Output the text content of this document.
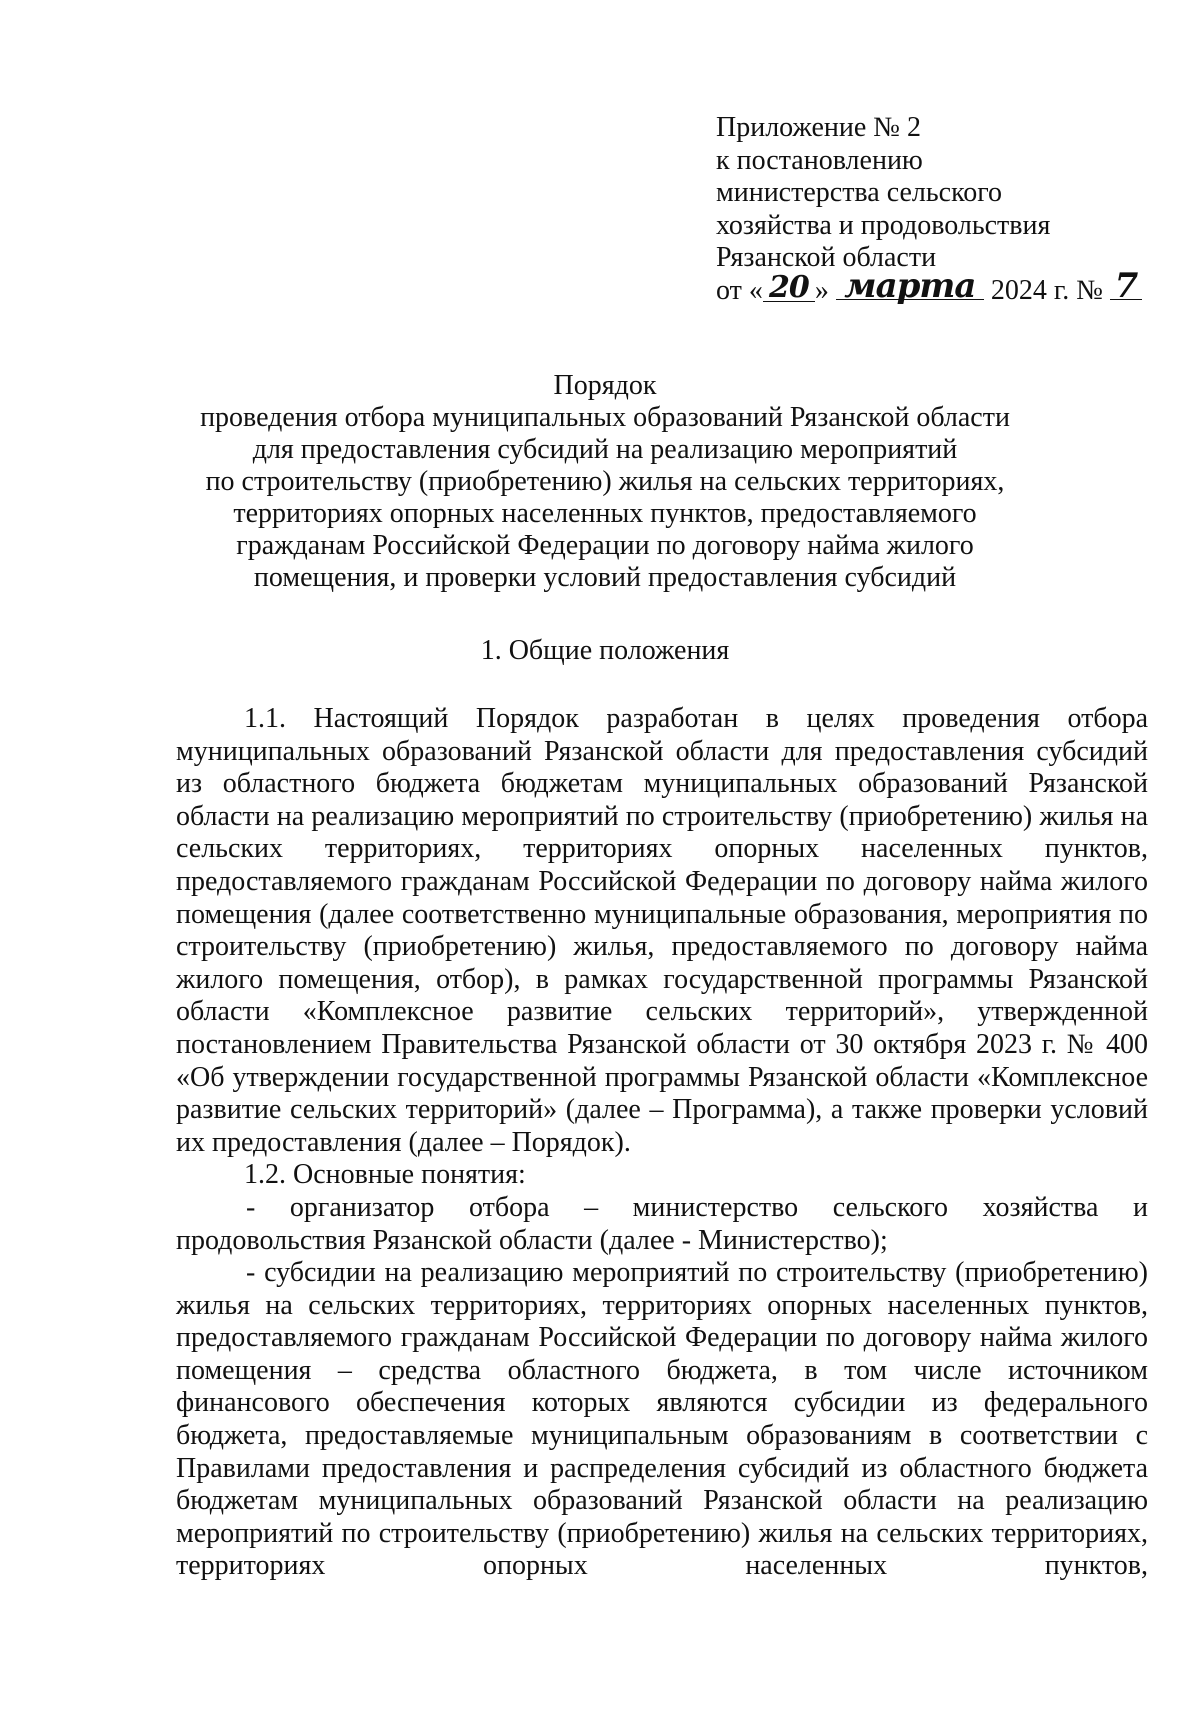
Приложение № 2
к постановлению
министерства сельского
хозяйства и продовольствия
Рязанской области
от « 20 » марта 2024 г. № 7
Порядок
проведения отбора муниципальных образований Рязанской области
для предоставления субсидий на реализацию мероприятий
по строительству (приобретению) жилья на сельских территориях,
территориях опорных населенных пунктов, предоставляемого
гражданам Российской Федерации по договору найма жилого
помещения, и проверки условий предоставления субсидий
1. Общие положения

1.1. Настоящий Порядок разработан в целях проведения отбора муниципальных образований Рязанской области для предоставления субсидий из областного бюджета бюджетам муниципальных образований Рязанской области на реализацию мероприятий по строительству (приобретению) жилья на сельских территориях, территориях опорных населенных пунктов, предоставляемого гражданам Российской Федерации по договору найма жилого помещения (далее соответственно муниципальные образования, мероприятия по строительству (приобретению) жилья, предоставляемого по договору найма жилого помещения, отбор), в рамках государственной программы Рязанской области «Комплексное развитие сельских территорий», утвержденной постановлением Правительства Рязанской области от 30 октября 2023 г. № 400 «Об утверждении государственной программы Рязанской области «Комплексное развитие сельских территорий» (далее – Программа), а также проверки условий их предоставления (далее – Порядок).

1.2. Основные понятия:

- организатор отбора – министерство сельского хозяйства и продовольствия Рязанской области (далее - Министерство);

- субсидии на реализацию мероприятий по строительству (приобретению) жилья на сельских территориях, территориях опорных населенных пунктов, предоставляемого гражданам Российской Федерации по договору найма жилого помещения – средства областного бюджета, в том числе источником финансового обеспечения которых являются субсидии из федерального бюджета, предоставляемые муниципальным образованиям в соответствии с Правилами предоставления и распределения субсидий из областного бюджета бюджетам муниципальных образований Рязанской области на реализацию мероприятий по строительству (приобретению) жилья на сельских территориях, территориях опорных населенных пунктов,
